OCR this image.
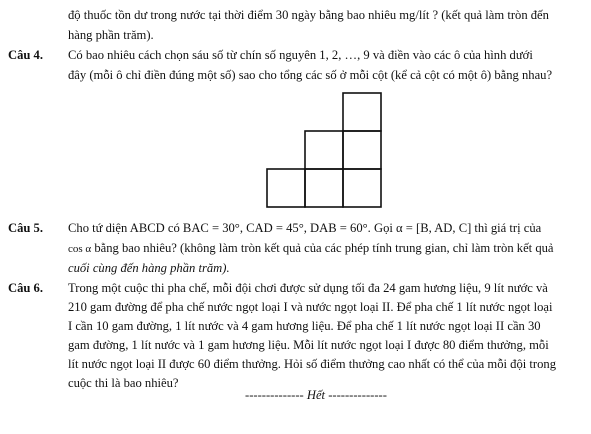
độ thuốc tồn dư trong nước tại thời điểm 30 ngày bằng bao nhiêu mg/lít ? (kết quả làm tròn đến
hàng phần trăm).
Câu 4. Có bao nhiêu cách chọn sáu số từ chín số nguyên 1, 2, …, 9 và điền vào các ô của hình dưới
đây (mỗi ô chỉ điền đúng một số) sao cho tổng các số ở mỗi cột (kể cả cột có một ô) bằng nhau?
Câu 5. Cho tứ diện ABCD có BAC = 30°, CAD = 45°, DAB = 60°. Gọi α = [B, AD, C] thì giá trị của
cos α bằng bao nhiêu? (không làm tròn kết quả của các phép tính trung gian, chỉ làm tròn kết quả
cuối cùng đến hàng phần trăm).
Câu 6. Trong một cuộc thi pha chế, mỗi đội chơi được sử dụng tối đa 24 gam hương liệu, 9 lít nước và
210 gam đường để pha chế nước ngọt loại I và nước ngọt loại II. Để pha chế 1 lít nước ngọt loại
I cần 10 gam đường, 1 lít nước và 4 gam hương liệu. Để pha chế 1 lít nước ngọt loại II cần 30
gam đường, 1 lít nước và 1 gam hương liệu. Mỗi lít nước ngọt loại I được 80 điểm thưởng, mỗi
lít nước ngọt loại II được 60 điểm thưởng. Hỏi số điểm thưởng cao nhất có thể của mỗi đội trong
cuộc thi là bao nhiêu?
-------------- Hết --------------
